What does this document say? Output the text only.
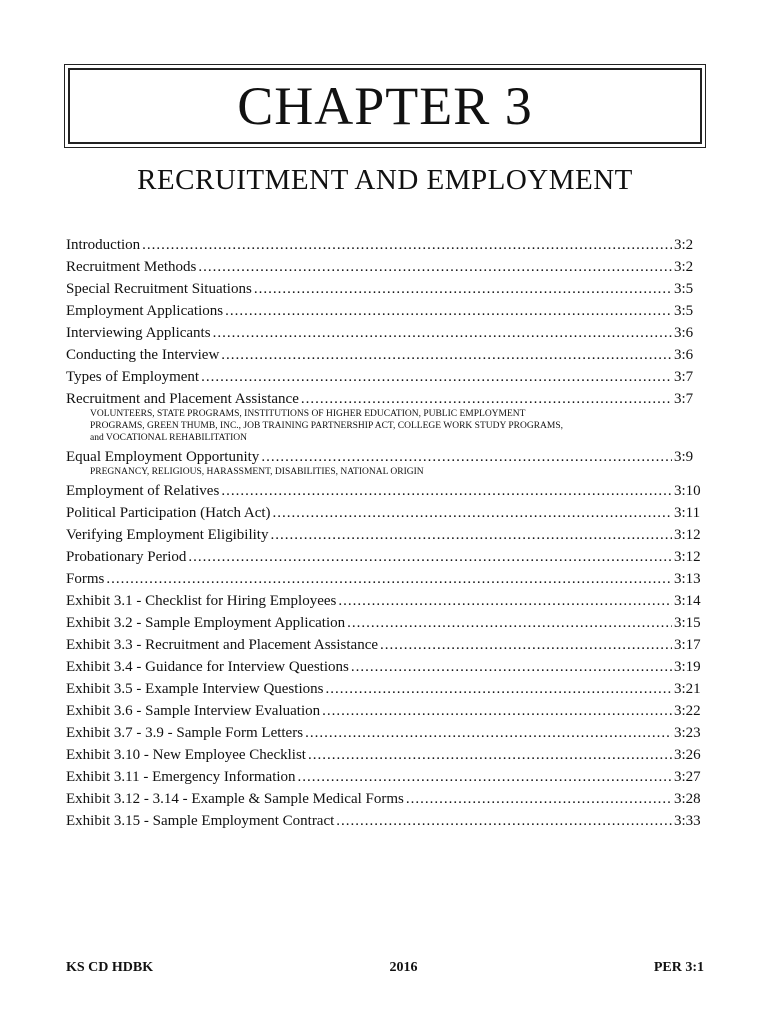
CHAPTER 3
RECRUITMENT AND EMPLOYMENT
Introduction .....	3:2
Recruitment Methods .....	3:2
Special Recruitment Situations .....	3:5
Employment Applications .....	3:5
Interviewing Applicants .....	3:6
Conducting the Interview .....	3:6
Types of Employment .....	3:7
Recruitment and Placement Assistance .....	3:7
VOLUNTEERS, STATE PROGRAMS, INSTITUTIONS OF HIGHER EDUCATION, PUBLIC EMPLOYMENT
PROGRAMS, GREEN THUMB, INC., JOB TRAINING PARTNERSHIP ACT, COLLEGE WORK STUDY PROGRAMS,
and VOCATIONAL REHABILITATION
Equal Employment Opportunity .....	3:9
PREGNANCY, RELIGIOUS, HARASSMENT, DISABILITIES, NATIONAL ORIGIN
Employment of Relatives .....	3:10
Political Participation (Hatch Act) .....	3:11
Verifying Employment Eligibility .....	3:12
Probationary Period .....	3:12
Forms .....	3:13
Exhibit 3.1 - Checklist for Hiring Employees .....	3:14
Exhibit 3.2 - Sample Employment Application .....	3:15
Exhibit 3.3 - Recruitment and Placement Assistance .....	3:17
Exhibit 3.4 - Guidance for Interview Questions .....	3:19
Exhibit 3.5 - Example Interview Questions .....	3:21
Exhibit 3.6 - Sample Interview Evaluation .....	3:22
Exhibit 3.7 - 3.9 - Sample Form Letters .....	3:23
Exhibit 3.10 - New Employee Checklist .....	3:26
Exhibit 3.11 - Emergency Information .....	3:27
Exhibit 3.12 - 3.14 - Example & Sample Medical Forms .....	3:28
Exhibit 3.15 - Sample Employment Contract .....	3:33
KS CD HDBK	2016	PER 3:1
